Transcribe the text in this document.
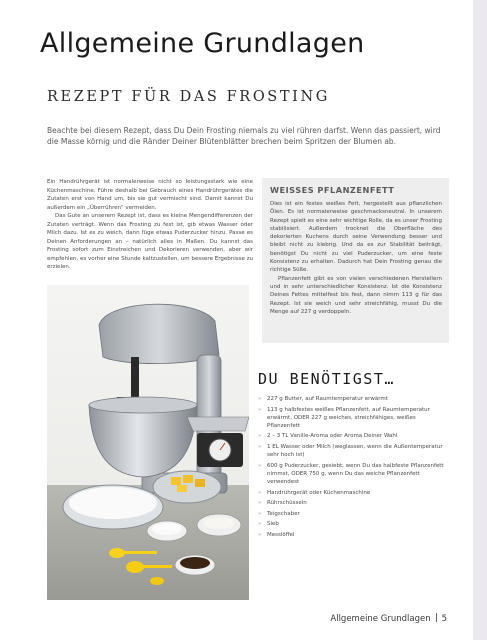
Allgemeine Grundlagen
REZEPT FÜR DAS FROSTING

Beachte bei diesem Rezept, dass Du Dein Frosting niemals zu viel rühren darfst. Wenn das passiert, wird die Masse körnig und die Ränder Deiner Blütenblätter brechen beim Spritzen der Blumen ab.

Ein Handrührgerät ist normalerweise nicht so leistungsstark wie eine Küchenmaschine. Führe deshalb bei Gebrauch eines Handrührgerätes die Zutaten erst von Hand um, bis sie gut vermischt sind. Damit kannst Du außerdem ein „Überrühren“ vermeiden.

Das Gute an unserem Rezept ist, dass es kleine Mengendifferenzen der Zutaten verträgt. Wenn das Frosting zu fest ist, gib etwas Wasser oder Milch dazu. Ist es zu weich, dann füge etwas Puderzucker hinzu. Passe es Deinen Anforderungen an – natürlich alles in Maßen. Du kannst das Frosting sofort zum Einstreichen und Dekorieren verwenden, aber wir empfehlen, es vorher eine Stunde kaltzustellen, um bessere Ergebnisse zu erzielen.

WEISSES PFLANZENFETT

Dies ist ein festes weißes Fett, hergestellt aus pflanzlichen Ölen. Es ist normalerweise geschmacksneutral. In unserem Rezept spielt es eine sehr wichtige Rolle, da es unser Frosting stabilisiert. Außerdem trocknet die Oberfläche des dekorierten Kuchens durch seine Verwendung besser und bleibt nicht zu klebrig. Und da es zur Stabilität beiträgt, benötigst Du nicht zu viel Puderzucker, um eine feste Konsistenz zu erhalten. Dadurch hat Dein Frosting genau die richtige Süße.

Pflanzenfett gibt es von vielen verschiedenen Herstellern und in sehr unterschiedlicher Konsistenz. Ist die Konsistenz Deines Fettes mittelfest bis fest, dann nimm 113 g für das Rezept. Ist sie weich und sehr streichfähig, musst Du die Menge auf 227 g verdoppeln.

DU BENÖTIGST…
» 227 g Butter, auf Raumtemperatur erwärmt
» 113 g halbfestes weißes Pflanzenfett, auf Raumtemperatur erwärmt, ODER 227 g weiches, streichfähiges, weißes Pflanzenfett
» 2 – 3 TL Vanille-Aroma oder Aroma Deiner Wahl
» 1 EL Wasser oder Milch (weglassen, wenn die Außentemperatur sehr hoch ist)
» 600 g Puderzucker, gesiebt, wenn Du das halbfeste Pflanzenfett nimmst, ODER 750 g, wenn Du das weiche Pflanzenfett verwendest
» Handrührgerät oder Küchenmaschine
» Rührschüsseln
» Teigschaber
» Sieb
» Messlöffel
Allgemeine Grundlagen 5
